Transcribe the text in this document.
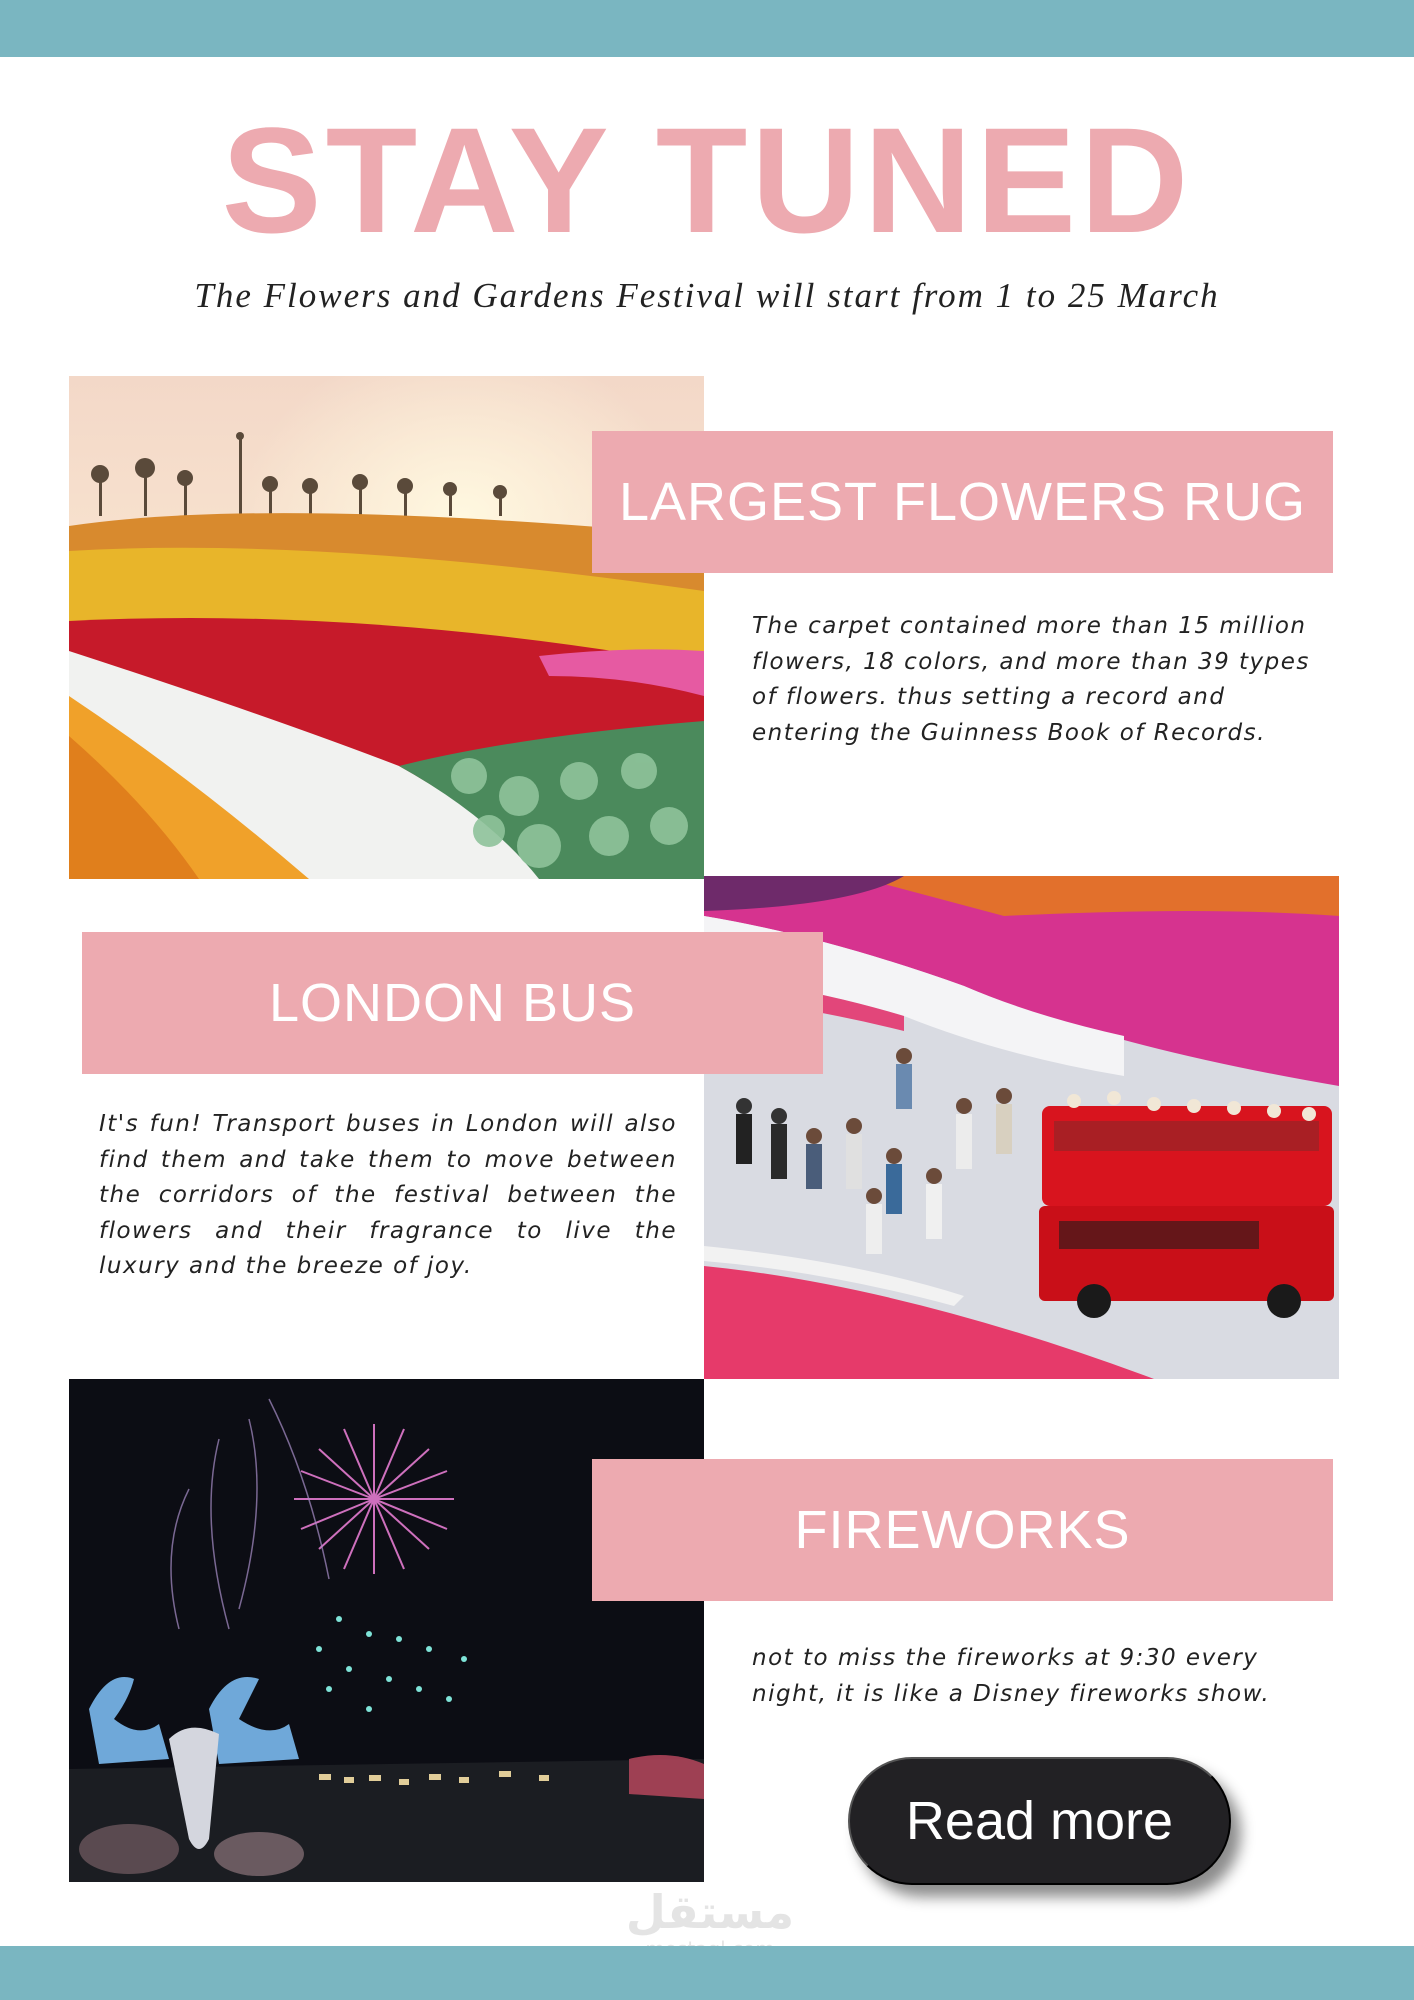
STAY TUNED

The Flowers and Gardens Festival will start from 1 to 25 March

LARGEST FLOWERS RUG

The carpet contained more than 15 million flowers, 18 colors, and more than 39 types of flowers. thus setting a record and entering the Guinness Book of Records.

LONDON BUS

It's fun! Transport buses in London will also find them and take them to move between the corridors of the festival between the flowers and their fragrance to live the luxury and the breeze of joy.

FIREWORKS

not to miss the fireworks at 9:30 every night, it is like a Disney fireworks show.

Read more
مستقل
